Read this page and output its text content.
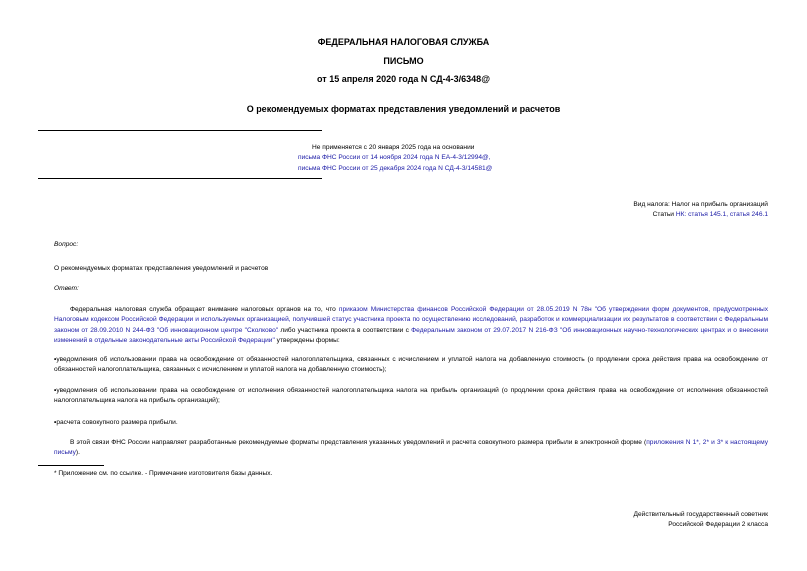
ФЕДЕРАЛЬНАЯ НАЛОГОВАЯ СЛУЖБА
ПИСЬМО
от 15 апреля 2020 года N СД-4-3/6348@
О рекомендуемых форматах представления уведомлений и расчетов
Не применяется с 20 января 2025 года на основании
письма ФНС России от 14 ноября 2024 года N ЕА-4-3/12994@,
письма ФНС России от 25 декабря 2024 года N СД-4-3/14581@
Вид налога: Налог на прибыль организаций
Статьи НК: статья 145.1, статья 246.1
Вопрос:
О рекомендуемых форматах представления уведомлений и расчетов
Ответ:
Федеральная налоговая служба обращает внимание налоговых органов на то, что приказом Министерства финансов Российской Федерации от 28.05.2019 N 78н "Об утверждении форм документов, предусмотренных Налоговым кодексом Российской Федерации и используемых организацией, получившей статус участника проекта по осуществлению исследований, разработок и коммерциализации их результатов в соответствии с Федеральным законом от 28.09.2010 N 244-ФЗ "Об инновационном центре "Сколково" либо участника проекта в соответствии с Федеральным законом от 29.07.2017 N 216-ФЗ "Об инновационных научно-технологических центрах и о внесении изменений в отдельные законодательные акты Российской Федерации" утверждены формы:
•уведомления об использовании права на освобождение от обязанностей налогоплательщика, связанных с исчислением и уплатой налога на добавленную стоимость (о продлении срока действия права на освобождение от обязанностей налогоплательщика, связанных с исчислением и уплатой налога на добавленную стоимость);
•уведомления об использовании права на освобождение от исполнения обязанностей налогоплательщика налога на прибыль организаций (о продлении срока действия права на освобождение от исполнения обязанностей налогоплательщика налога на прибыль организаций);
•расчета совокупного размера прибыли.
В этой связи ФНС России направляет разработанные рекомендуемые форматы представления указанных уведомлений и расчета совокупного размера прибыли в электронной форме (приложения N 1*, 2* и 3* к настоящему письму).
* Приложение см. по ссылке. - Примечание изготовителя базы данных.
Действительный государственный советник
Российской Федерации 2 класса
